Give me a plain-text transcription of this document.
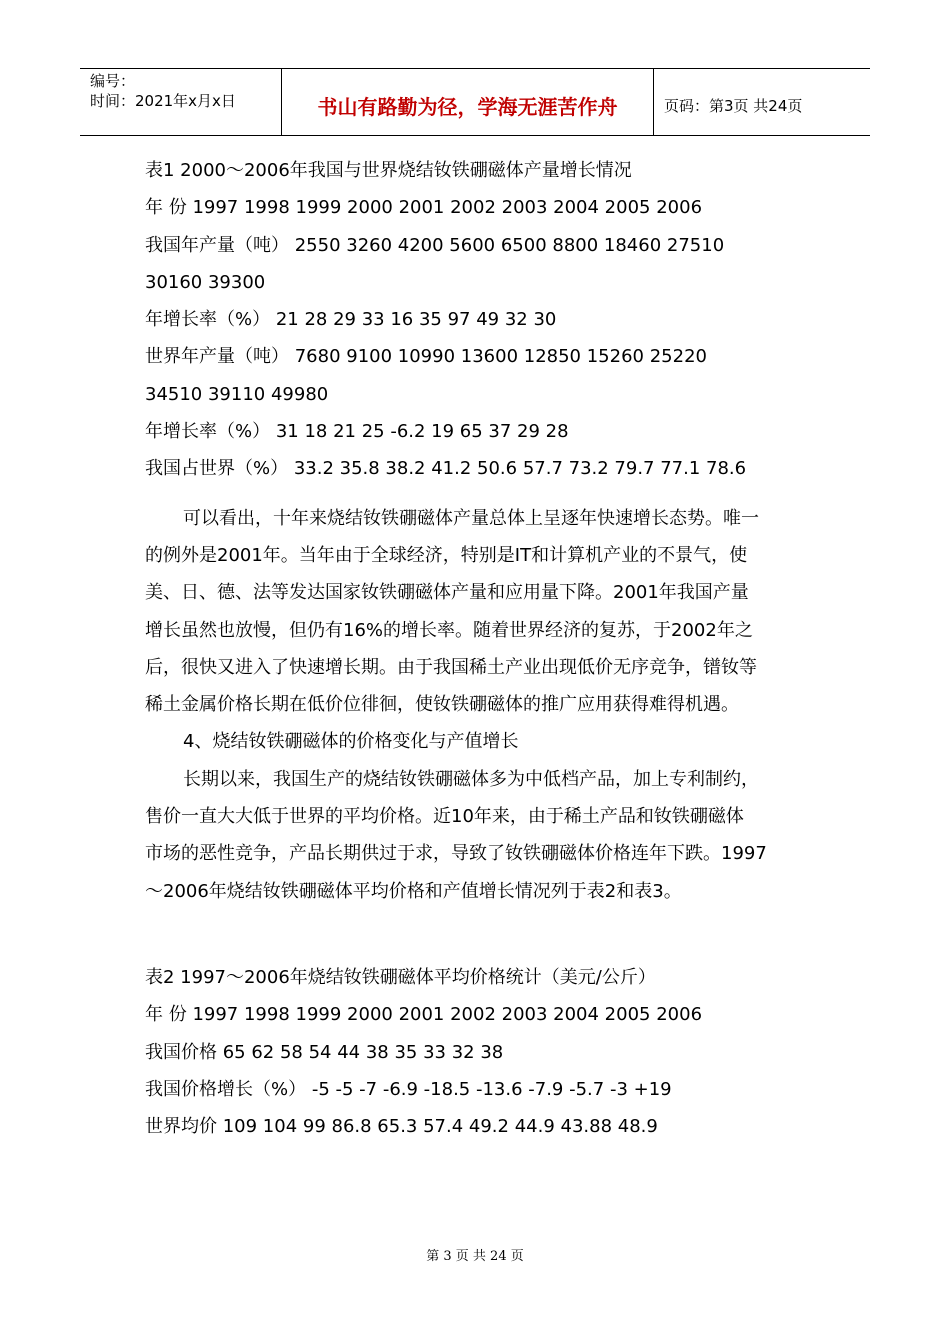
编号：
时间：2021年x月x日	书山有路勤为径，学海无涯苦作舟	页码：第3页 共24页
表1 2000～2006年我国与世界烧结钕铁硼磁体产量增长情况
年 份 1997 1998 1999 2000 2001 2002 2003 2004 2005 2006
我国年产量（吨） 2550 3260 4200 5600 6500 8800 18460 27510
30160 39300
年增长率（%） 21 28 29 33 16 35 97 49 32 30
世界年产量（吨） 7680 9100 10990 13600 12850 15260 25220
34510 39110 49980
年增长率（%） 31 18 21 25 -6.2 19 65 37 29 28
我国占世界（%） 33.2 35.8 38.2 41.2 50.6 57.7 73.2 79.7 77.1 78.6
可以看出，十年来烧结钕铁硼磁体产量总体上呈逐年快速增长态势。唯一
的例外是2001年。当年由于全球经济，特别是IT和计算机产业的不景气，使
美、日、德、法等发达国家钕铁硼磁体产量和应用量下降。2001年我国产量
增长虽然也放慢，但仍有16%的增长率。随着世界经济的复苏，于2002年之
后，很快又进入了快速增长期。由于我国稀土产业出现低价无序竞争，镨钕等
稀土金属价格长期在低价位徘徊，使钕铁硼磁体的推广应用获得难得机遇。
4、烧结钕铁硼磁体的价格变化与产值增长
长期以来，我国生产的烧结钕铁硼磁体多为中低档产品，加上专利制约，
售价一直大大低于世界的平均价格。近10年来，由于稀土产品和钕铁硼磁体
市场的恶性竞争，产品长期供过于求，导致了钕铁硼磁体价格连年下跌。1997
～2006年烧结钕铁硼磁体平均价格和产值增长情况列于表2和表3。
表2 1997～2006年烧结钕铁硼磁体平均价格统计（美元/公斤）
年 份 1997 1998 1999 2000 2001 2002 2003 2004 2005 2006
我国价格 65 62 58 54 44 38 35 33 32 38
我国价格增长（%） -5 -5 -7 -6.9 -18.5 -13.6 -7.9 -5.7 -3 +19
世界均价 109 104 99 86.8 65.3 57.4 49.2 44.9 43.88 48.9
第 3 页 共 24 页
